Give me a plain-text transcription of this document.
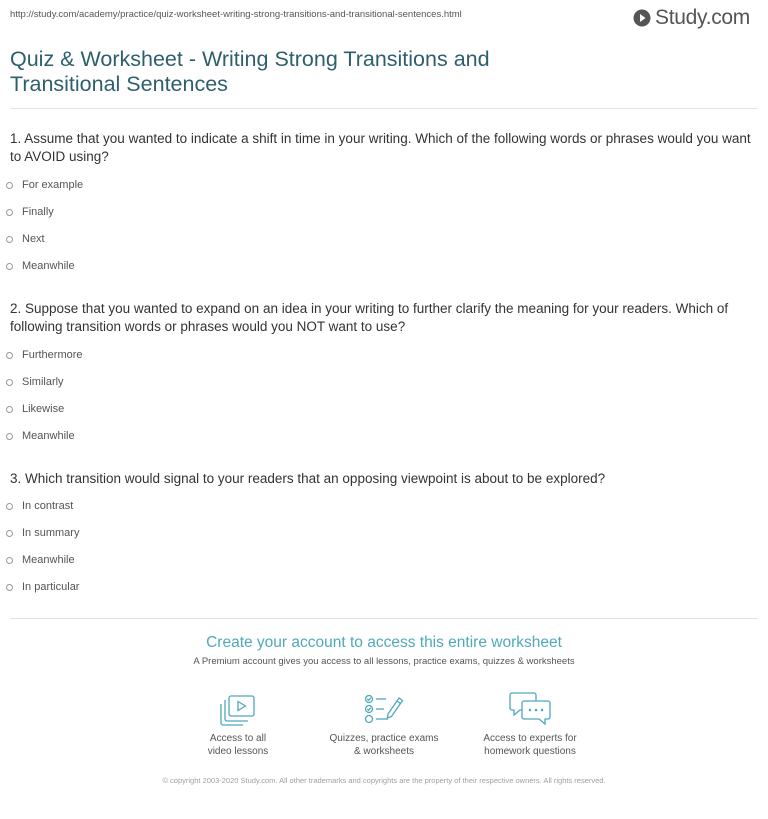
http://study.com/academy/practice/quiz-worksheet-writing-strong-transitions-and-transitional-sentences.html	Study.com
Quiz & Worksheet - Writing Strong Transitions and Transitional Sentences

1. Assume that you wanted to indicate a shift in time in your writing. Which of the following words or phrases would you want to AVOID using?

For example
Finally
Next
Meanwhile

2. Suppose that you wanted to expand on an idea in your writing to further clarify the meaning for your readers. Which of following transition words or phrases would you NOT want to use?

Furthermore
Similarly
Likewise
Meanwhile

3. Which transition would signal to your readers that an opposing viewpoint is about to be explored?

In contrast
In summary
Meanwhile
In particular
Create your account to access this entire worksheet
A Premium account gives you access to all lessons, practice exams, quizzes & worksheets
Access to all
video lessons
Quizzes, practice exams
& worksheets
Access to experts for
homework questions
© copyright 2003-2020 Study.com. All other trademarks and copyrights are the property of their respective owners. All rights reserved.
